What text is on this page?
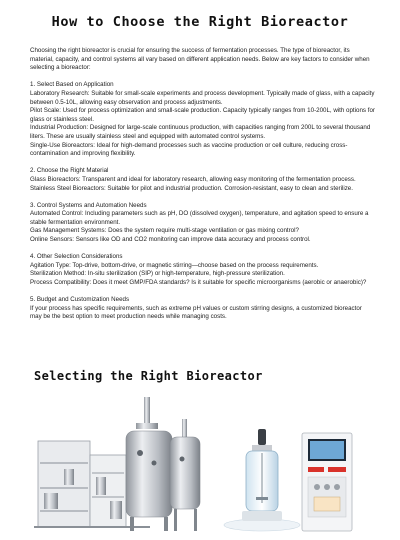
How to Choose the Right Bioreactor

Choosing the right bioreactor is crucial for ensuring the success of fermentation processes. The type of bioreactor, its material, capacity, and control systems all vary based on different application needs. Below are key factors to consider when selecting a bioreactor:

1. Select Based on Application

Laboratory Research: Suitable for small-scale experiments and process development. Typically made of glass, with a capacity between 0.5-10L, allowing easy observation and process adjustments.

Pilot Scale: Used for process optimization and small-scale production. Capacity typically ranges from 10-200L, with options for glass or stainless steel.

Industrial Production: Designed for large-scale continuous production, with capacities ranging from 200L to several thousand liters. These are usually stainless steel and equipped with automated control systems.

Single-Use Bioreactors: Ideal for high-demand processes such as vaccine production or cell culture, reducing cross-contamination and improving flexibility.

2. Choose the Right Material

Glass Bioreactors: Transparent and ideal for laboratory research, allowing easy monitoring of the fermentation process.

Stainless Steel Bioreactors: Suitable for pilot and industrial production. Corrosion-resistant, easy to clean and sterilize.

3. Control Systems and Automation Needs

Automated Control: Including parameters such as pH, DO (dissolved oxygen), temperature, and agitation speed to ensure a stable fermentation environment.

Gas Management Systems: Does the system require multi-stage ventilation or gas mixing control?

Online Sensors: Sensors like OD and CO2 monitoring can improve data accuracy and process control.

4. Other Selection Considerations

Agitation Type: Top-drive, bottom-drive, or magnetic stirring—choose based on the process requirements.

Sterilization Method: In-situ sterilization (SIP) or high-temperature, high-pressure sterilization.

Process Compatibility: Does it meet GMP/FDA standards? Is it suitable for specific microorganisms (aerobic or anaerobic)?

5. Budget and Customization Needs

If your process has specific requirements, such as extreme pH values or custom stirring designs, a customized bioreactor may be the best option to meet production needs while managing costs.

Selecting the Right Bioreactor
